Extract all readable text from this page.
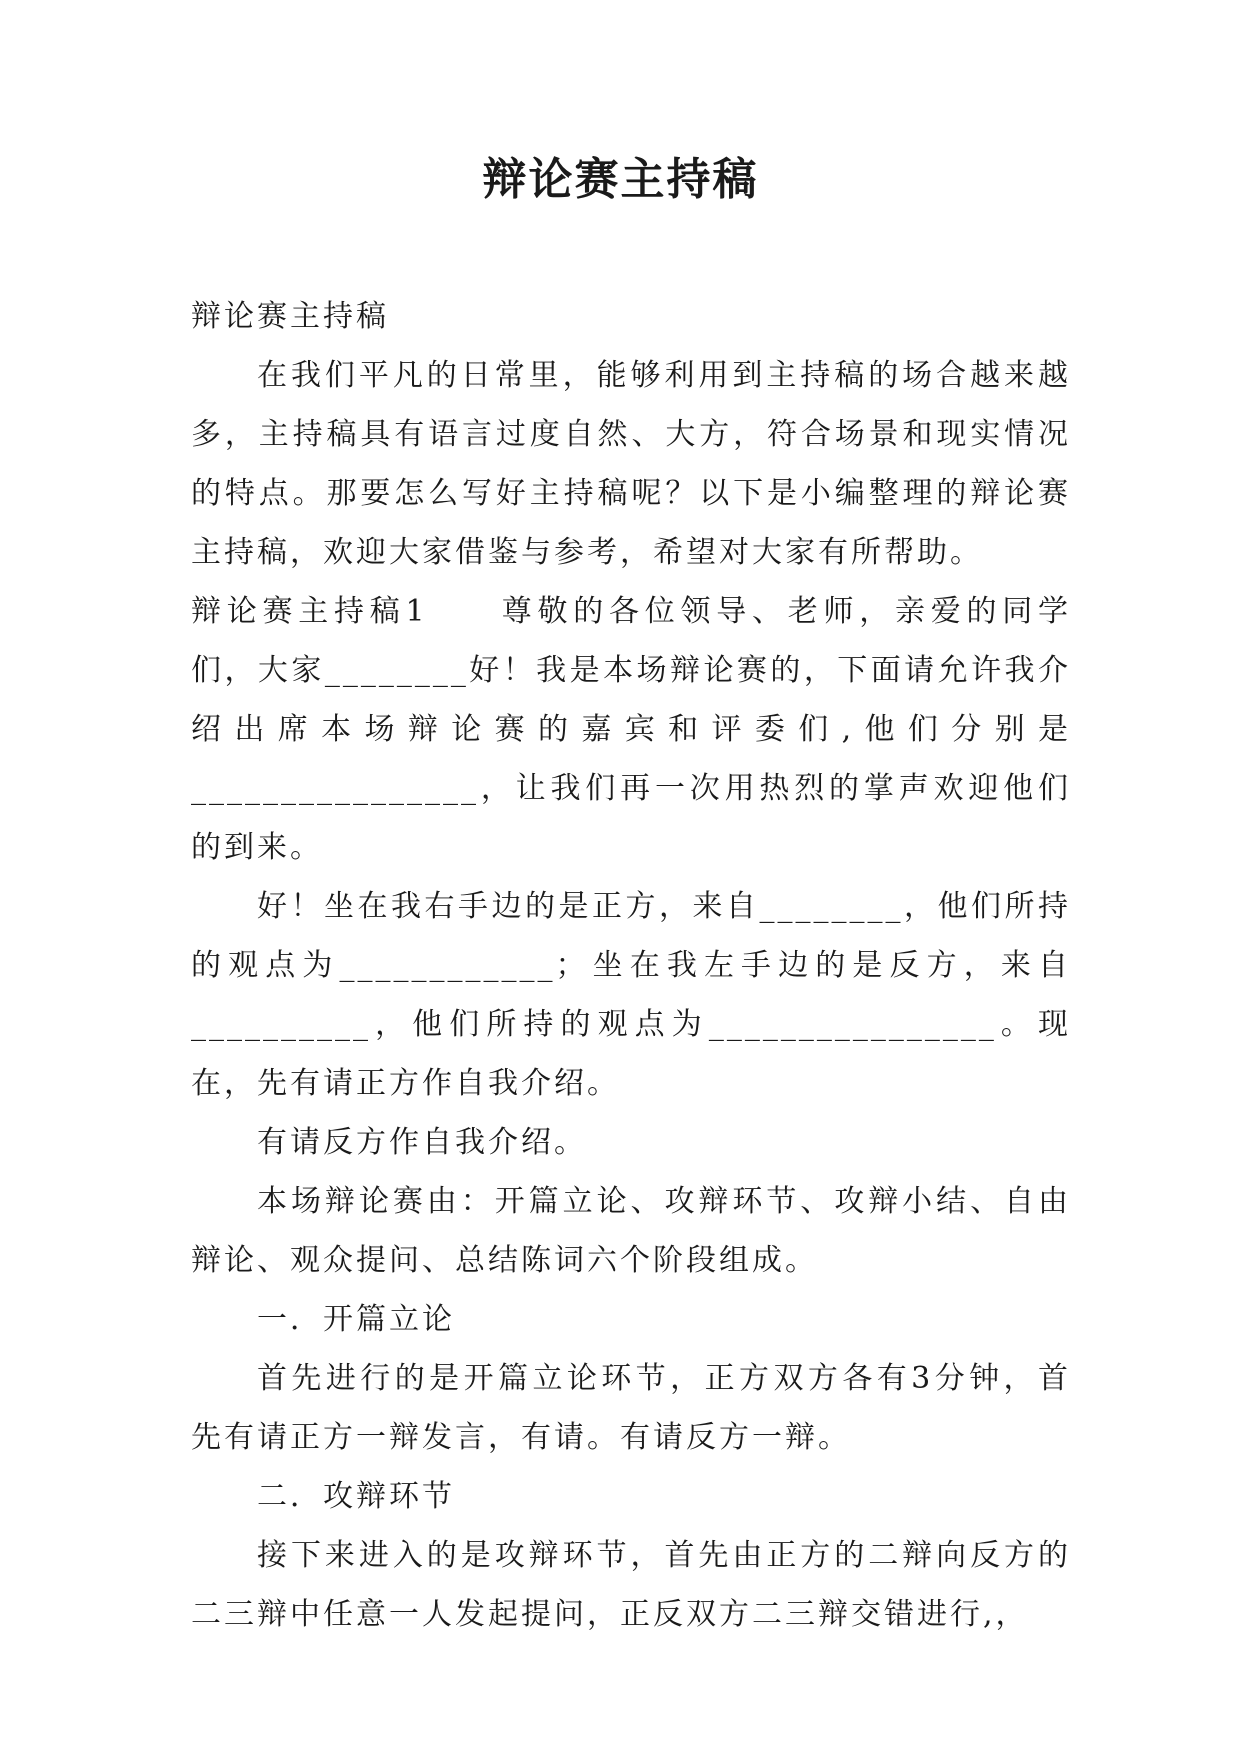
辩论赛主持稿

辩论赛主持稿

在我们平凡的日常里，能够利用到主持稿的场合越来越多，主持稿具有语言过度自然、大方，符合场景和现实情况的特点。那要怎么写好主持稿呢？以下是小编整理的辩论赛主持稿，欢迎大家借鉴与参考，希望对大家有所帮助。

辩论赛主持稿1　　尊敬的各位领导、老师，亲爱的同学们，大家________好！我是本场辩论赛的，下面请允许我介绍出席本场辩论赛的嘉宾和评委们,他们分别是________________，让我们再一次用热烈的掌声欢迎他们的到来。

好！坐在我右手边的是正方，来自________，他们所持的观点为____________；坐在我左手边的是反方，来自__________，他们所持的观点为________________。现在，先有请正方作自我介绍。

有请反方作自我介绍。

本场辩论赛由：开篇立论、攻辩环节、攻辩小结、自由辩论、观众提问、总结陈词六个阶段组成。

一．开篇立论

首先进行的是开篇立论环节，正方双方各有3分钟，首先有请正方一辩发言，有请。有请反方一辩。

二．攻辩环节

接下来进入的是攻辩环节，首先由正方的二辩向反方的二三辩中任意一人发起提问，正反双方二三辩交错进行,，
